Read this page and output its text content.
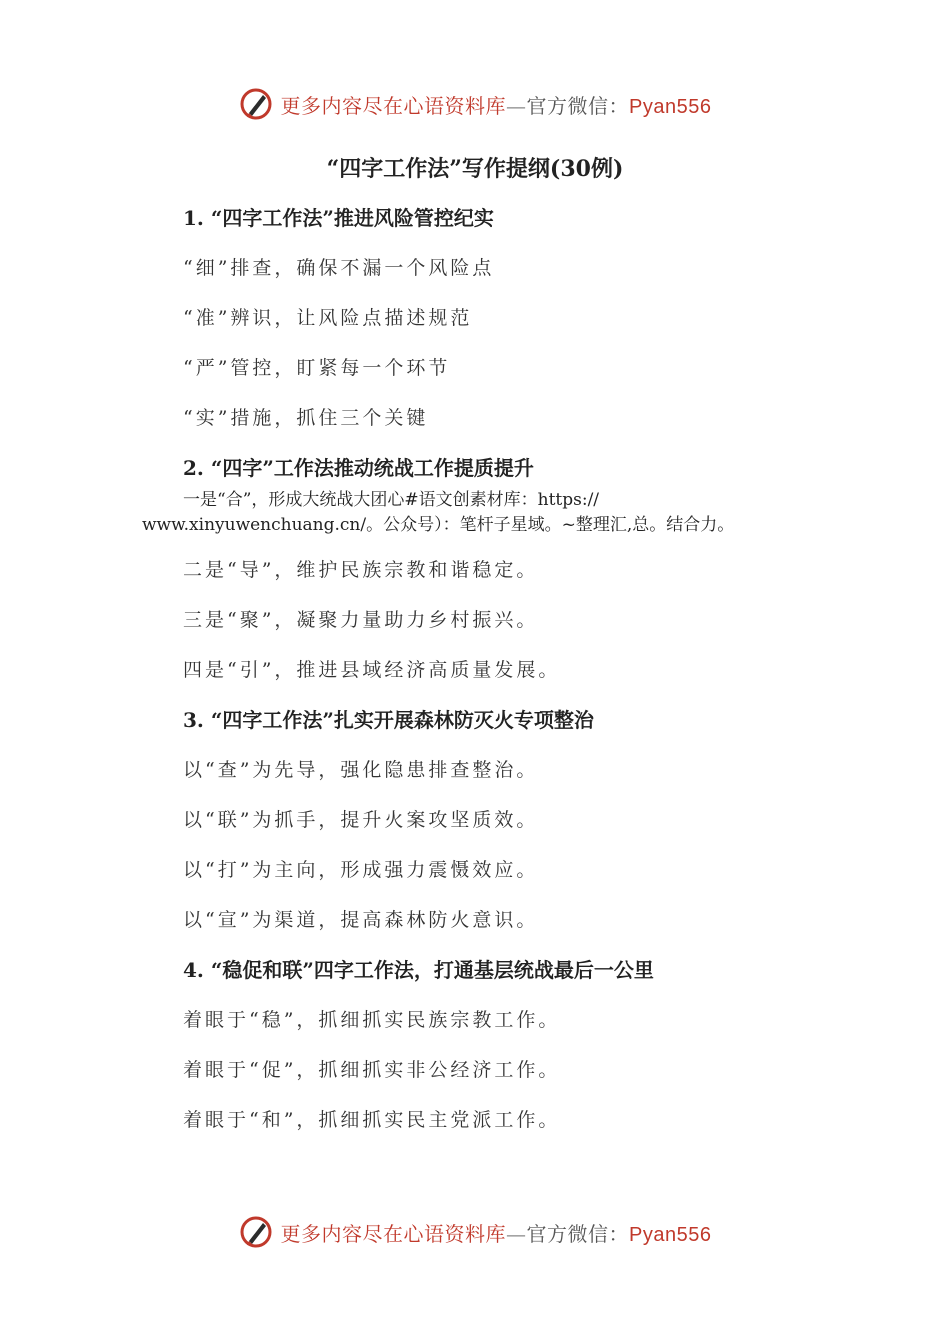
更多内容尽在心语资料库—官方微信：Pyan556
“四字工作法”写作提纲(30例)
1. “四字工作法”推进风险管控纪实
“细”排查，确保不漏一个风险点
“准”辨识，让风险点描述规范
“严”管控，盯紧每一个环节
“实”措施，抓住三个关键
2. “四字”工作法推动统战工作提质提升
一是“合”，形成大统战大团心#语文创素材库：https://
www.xinyuwenchuang.cn/。公众号）：笔杆子星域。~整理汇,总。结合力。
二是“导”，维护民族宗教和谐稳定。
三是“聚”，凝聚力量助力乡村振兴。
四是“引”，推进县域经济高质量发展。
3. “四字工作法”扎实开展森林防灭火专项整治
以“查”为先导，强化隐患排查整治。
以“联”为抓手，提升火案攻坚质效。
以“打”为主向，形成强力震慑效应。
以“宣”为渠道，提高森林防火意识。
4. “稳促和联”四字工作法，打通基层统战最后一公里
着眼于“稳”，抓细抓实民族宗教工作。
着眼于“促”，抓细抓实非公经济工作。
着眼于“和”，抓细抓实民主党派工作。
更多内容尽在心语资料库—官方微信：Pyan556
